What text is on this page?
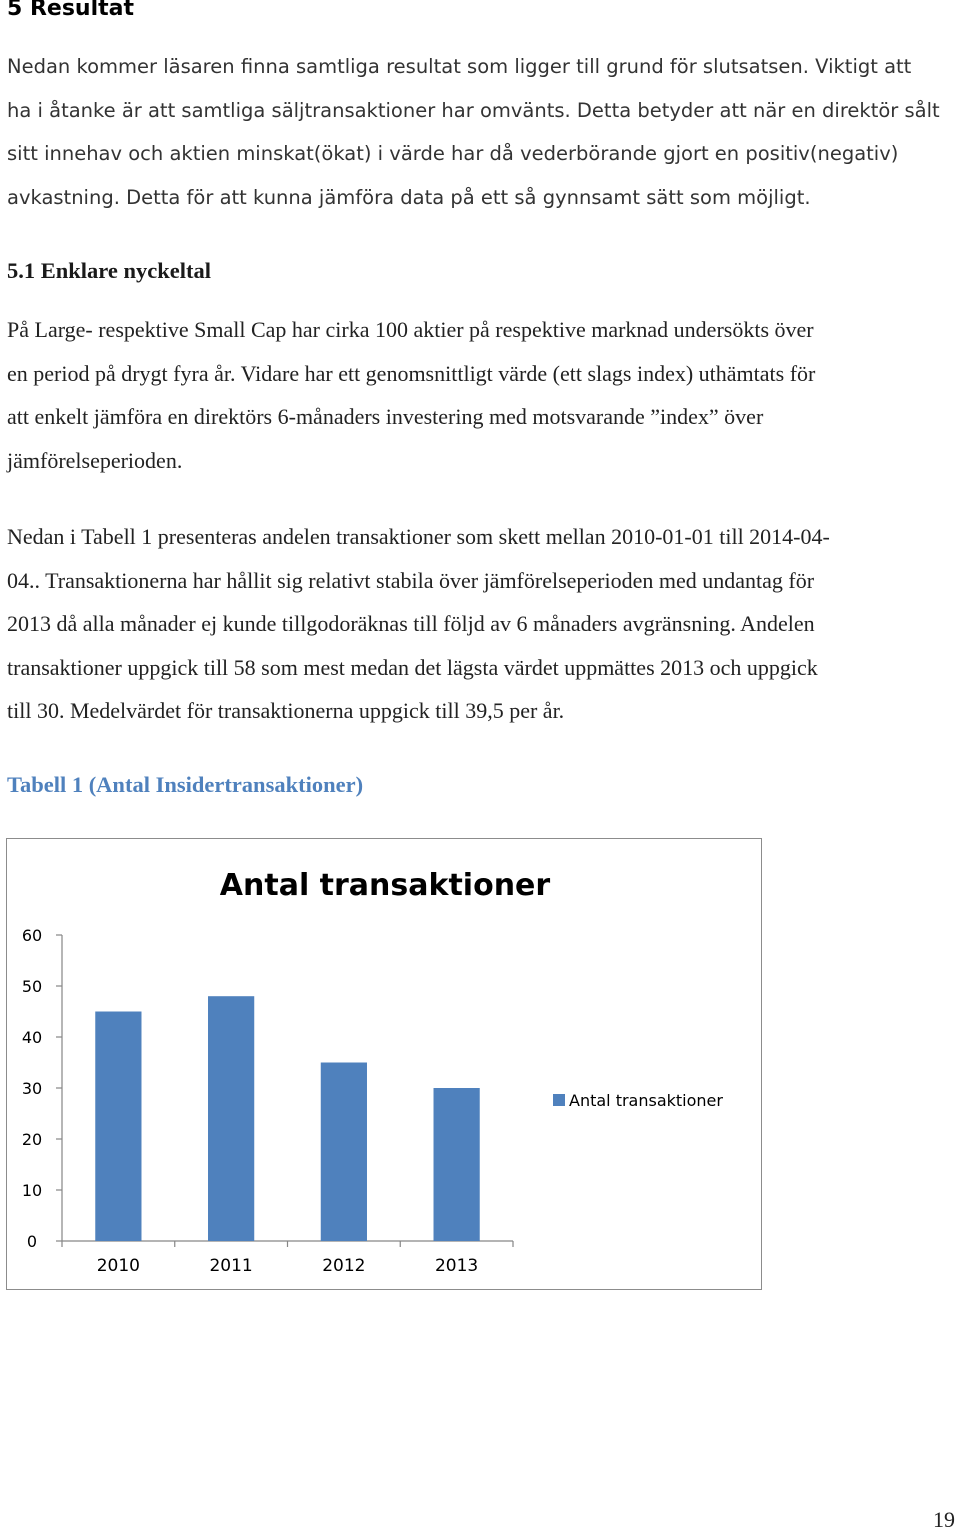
5 Resultat
Nedan kommer läsaren finna samtliga resultat som ligger till grund för slutsatsen. Viktigt att
ha i åtanke är att samtliga säljtransaktioner har omvänts. Detta betyder att när en direktör sålt
sitt innehav och aktien minskat(ökat) i värde har då vederbörande gjort en positiv(negativ)
avkastning. Detta för att kunna jämföra data på ett så gynnsamt sätt som möjligt.
5.1 Enklare nyckeltal
På Large- respektive Small Cap har cirka 100 aktier på respektive marknad undersökts över
en period på drygt fyra år. Vidare har ett genomsnittligt värde (ett slags index) uthämtats för
att enkelt jämföra en direktörs 6-månaders investering med motsvarande ”index” över
jämförelseperioden.
Nedan i Tabell 1 presenteras andelen transaktioner som skett mellan 2010-01-01 till 2014-04-
04.. Transaktionerna har hållit sig relativt stabila över jämförelseperioden med undantag för
2013 då alla månader ej kunde tillgodoräknas till följd av 6 månaders avgränsning. Andelen
transaktioner uppgick till 58 som mest medan det lägsta värdet uppmättes 2013 och uppgick
till 30. Medelvärdet för transaktionerna uppgick till 39,5 per år.
Tabell 1 (Antal Insidertransaktioner)
Antal transaktioner
0
10
20
30
40
50
60
2010	2011	2012	2013
Antal transaktioner
19
